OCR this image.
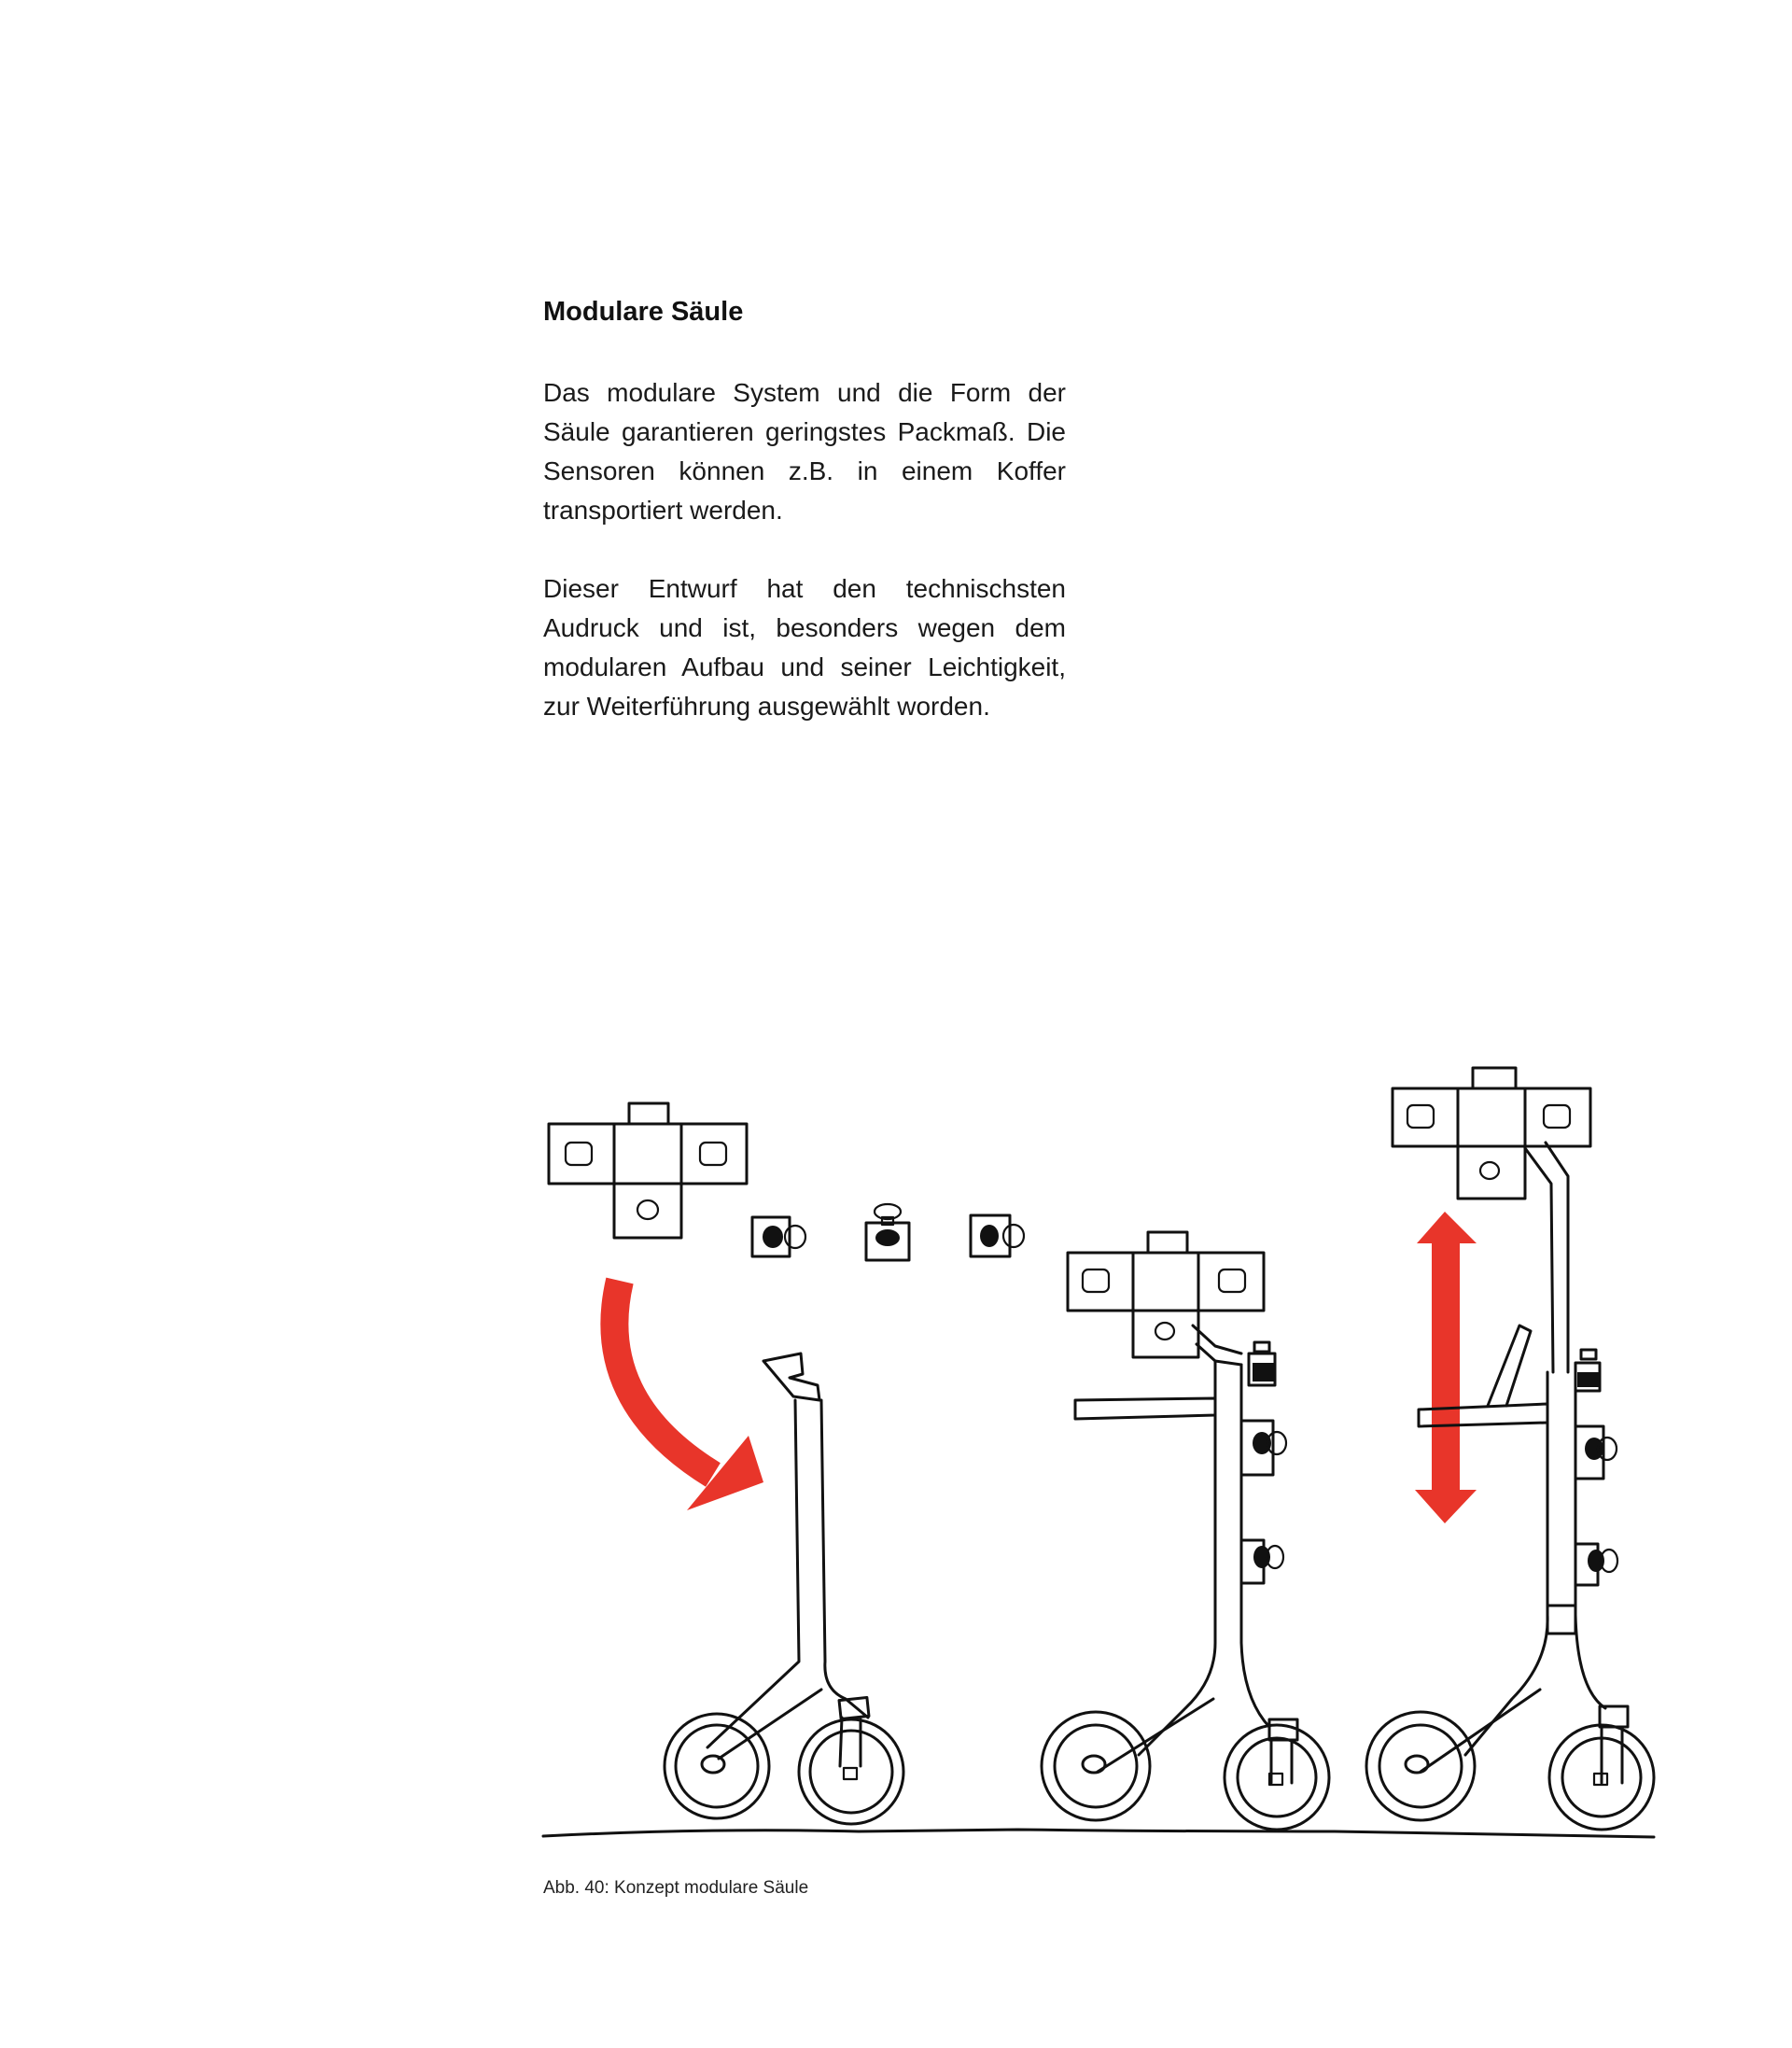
Modulare Säule

Das modulare System und die Form der Säule garantieren geringstes Packmaß. Die Sensoren können z.B. in einem Koffer transportiert werden.

Dieser Entwurf hat den technischsten Audruck und ist, besonders wegen dem modularen Aufbau und seiner Leichtigkeit, zur Weiterführung ausgewählt worden.

Abb. 40: Konzept modulare Säule
